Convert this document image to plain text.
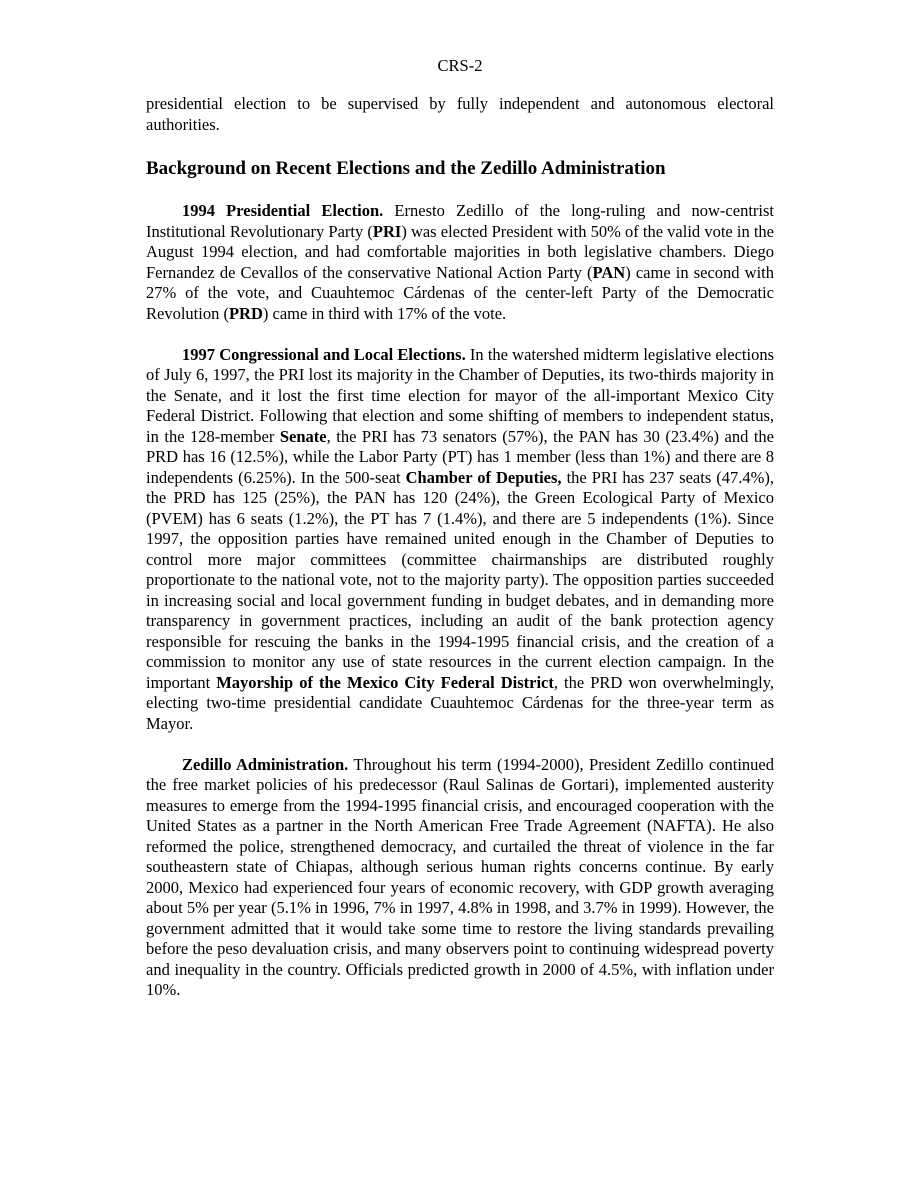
CRS-2

presidential election to be supervised by fully independent and autonomous electoral authorities.

Background on Recent Elections and the Zedillo Administration

1994 Presidential Election. Ernesto Zedillo of the long-ruling and now-centrist Institutional Revolutionary Party (PRI) was elected President with 50% of the valid vote in the August 1994 election, and had comfortable majorities in both legislative chambers. Diego Fernandez de Cevallos of the conservative National Action Party (PAN) came in second with 27% of the vote, and Cuauhtemoc Cárdenas of the center-left Party of the Democratic Revolution (PRD) came in third with 17% of the vote.

1997 Congressional and Local Elections. In the watershed midterm legislative elections of July 6, 1997, the PRI lost its majority in the Chamber of Deputies, its two-thirds majority in the Senate, and it lost the first time election for mayor of the all-important Mexico City Federal District. Following that election and some shifting of members to independent status, in the 128-member Senate, the PRI has 73 senators (57%), the PAN has 30 (23.4%) and the PRD has 16 (12.5%), while the Labor Party (PT) has 1 member (less than 1%) and there are 8 independents (6.25%). In the 500-seat Chamber of Deputies, the PRI has 237 seats (47.4%), the PRD has 125 (25%), the PAN has 120 (24%), the Green Ecological Party of Mexico (PVEM) has 6 seats (1.2%), the PT has 7 (1.4%), and there are 5 independents (1%). Since 1997, the opposition parties have remained united enough in the Chamber of Deputies to control more major committees (committee chairmanships are distributed roughly proportionate to the national vote, not to the majority party). The opposition parties succeeded in increasing social and local government funding in budget debates, and in demanding more transparency in government practices, including an audit of the bank protection agency responsible for rescuing the banks in the 1994-1995 financial crisis, and the creation of a commission to monitor any use of state resources in the current election campaign. In the important Mayorship of the Mexico City Federal District, the PRD won overwhelmingly, electing two-time presidential candidate Cuauhtemoc Cárdenas for the three-year term as Mayor.

Zedillo Administration. Throughout his term (1994-2000), President Zedillo continued the free market policies of his predecessor (Raul Salinas de Gortari), implemented austerity measures to emerge from the 1994-1995 financial crisis, and encouraged cooperation with the United States as a partner in the North American Free Trade Agreement (NAFTA). He also reformed the police, strengthened democracy, and curtailed the threat of violence in the far southeastern state of Chiapas, although serious human rights concerns continue. By early 2000, Mexico had experienced four years of economic recovery, with GDP growth averaging about 5% per year (5.1% in 1996, 7% in 1997, 4.8% in 1998, and 3.7% in 1999). However, the government admitted that it would take some time to restore the living standards prevailing before the peso devaluation crisis, and many observers point to continuing widespread poverty and inequality in the country. Officials predicted growth in 2000 of 4.5%, with inflation under 10%.
